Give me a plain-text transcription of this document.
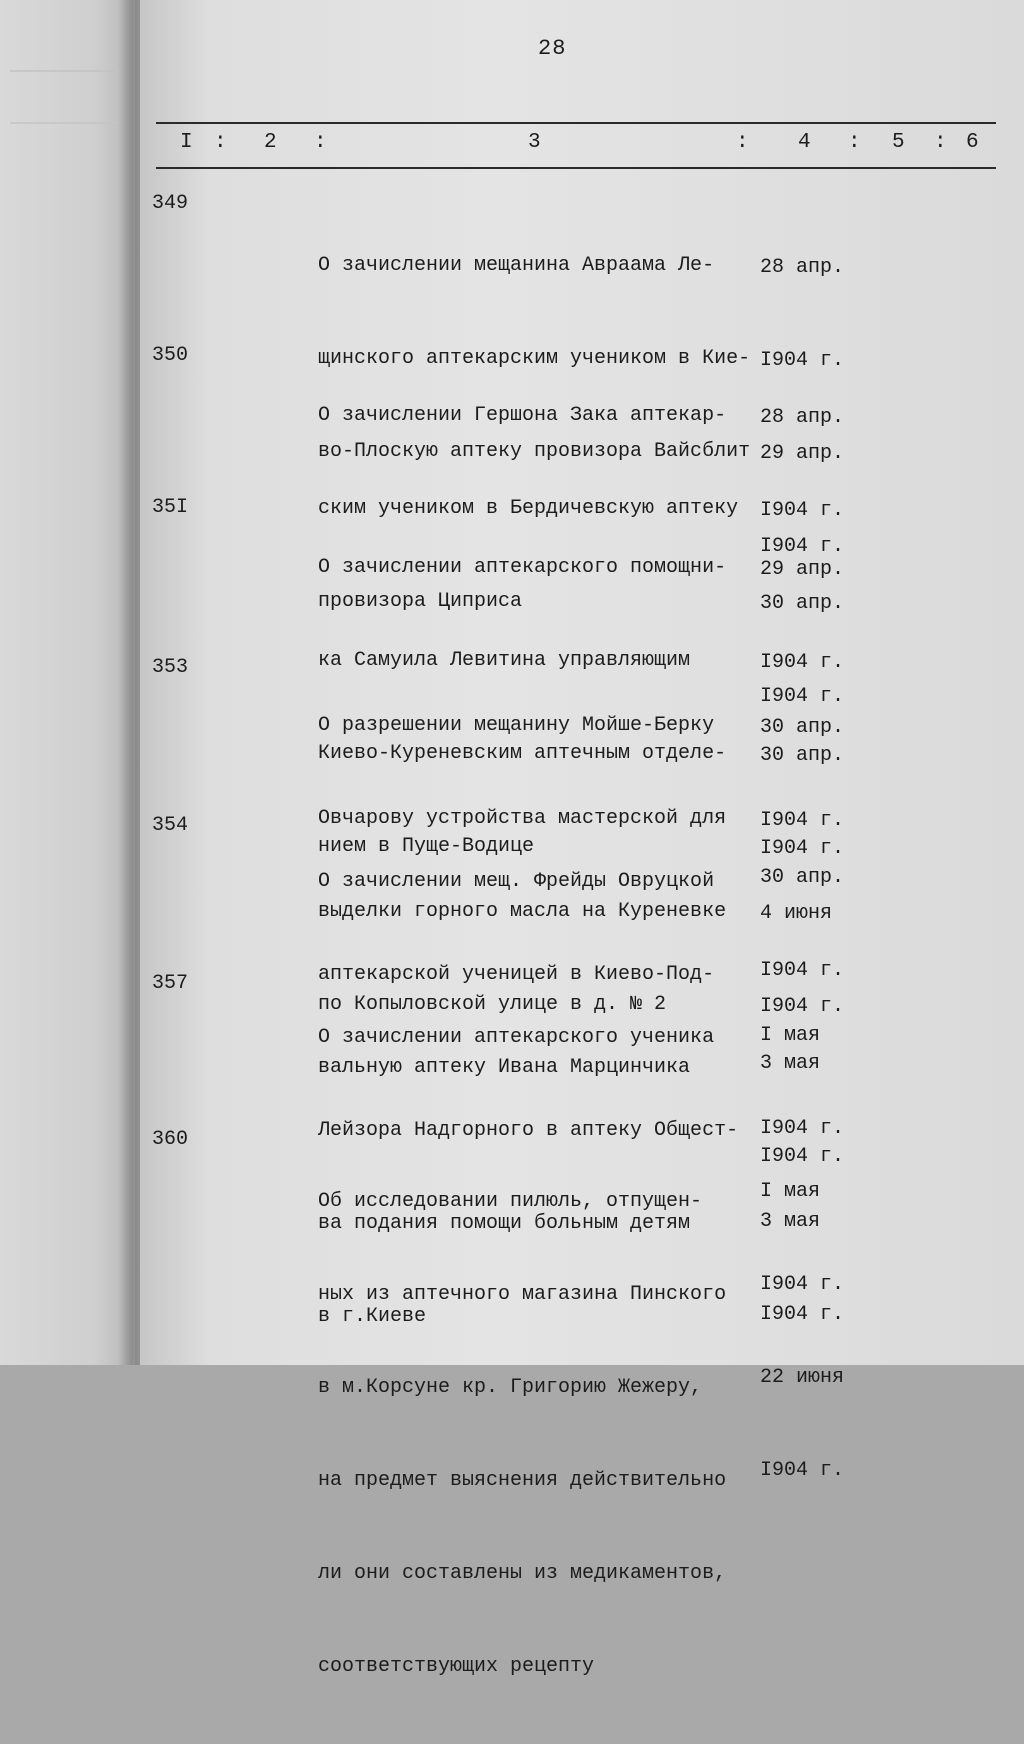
28
I : 2 :	3	: 4 : 5 : 6
349

О зачислении мещанина Авраама Ле-

щинского аптекарским учеником в Кие-

во-Плоскую аптеку провизора Вайсблит

28 апр.

I904 г.

29 апр.

I904 г.

350

О зачислении Гершона Зака аптекар-

ским учеником в Бердичевскую аптеку

провизора Циприса

28 апр.

I904 г.

30 апр.

I904 г.

35I

О зачислении аптекарского помощни-

ка Самуила Левитина управляющим

Киево-Куреневским аптечным отделе-

нием в Пуще-Водице

29 апр.

I904 г.

30 апр.

I904 г.

353

О разрешении мещанину Мойше-Берку

Овчарову устройства мастерской для

выделки горного масла на Куреневке

по Копыловской улице в д. № 2

30 апр.

I904 г.

4 июня

I904 г.

354

О зачислении мещ. Фрейды Овруцкой

аптекарской ученицей в Киево-Под-

вальную аптеку Ивана Марцинчика

30 апр.

I904 г.

3 мая

I904 г.

357

О зачислении аптекарского ученика

Лейзора Надгорного в аптеку Общест-

ва подания помощи больным детям

в г.Киеве

I мая

I904 г.

3 мая

I904 г.

360

Об исследовании пилюль, отпущен-

ных из аптечного магазина Пинского

в м.Корсуне кр. Григорию Жежеру,

на предмет выяснения действительно

ли они составлены из медикаментов,

соответствующих рецепту

I мая

I904 г.

22 июня

I904 г.
